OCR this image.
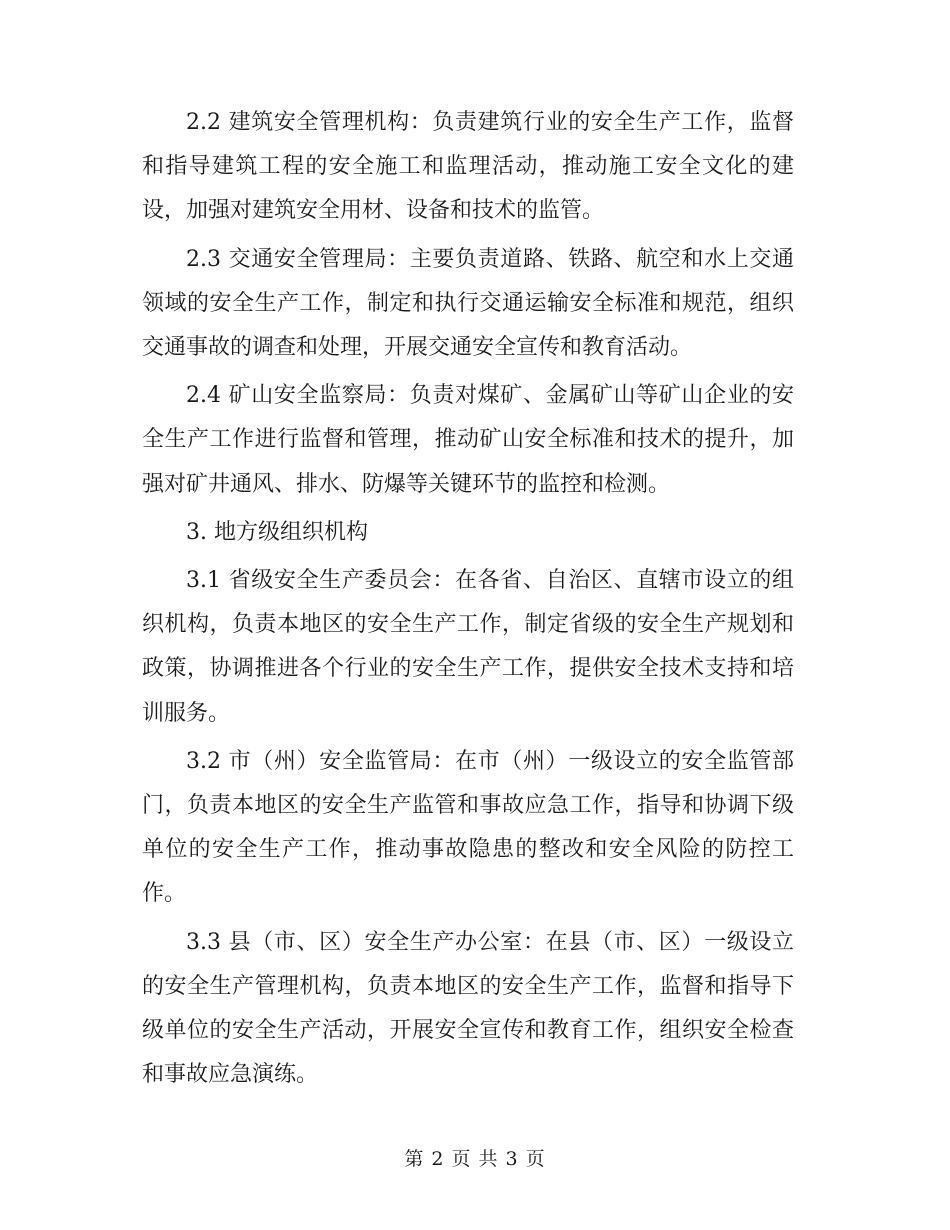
2.2 建筑安全管理机构：负责建筑行业的安全生产工作，监督和指导建筑工程的安全施工和监理活动，推动施工安全文化的建设，加强对建筑安全用材、设备和技术的监管。

2.3 交通安全管理局：主要负责道路、铁路、航空和水上交通领域的安全生产工作，制定和执行交通运输安全标准和规范，组织交通事故的调查和处理，开展交通安全宣传和教育活动。

2.4 矿山安全监察局：负责对煤矿、金属矿山等矿山企业的安全生产工作进行监督和管理，推动矿山安全标准和技术的提升，加强对矿井通风、排水、防爆等关键环节的监控和检测。

3. 地方级组织机构

3.1 省级安全生产委员会：在各省、自治区、直辖市设立的组织机构，负责本地区的安全生产工作，制定省级的安全生产规划和政策，协调推进各个行业的安全生产工作，提供安全技术支持和培训服务。

3.2 市（州）安全监管局：在市（州）一级设立的安全监管部门，负责本地区的安全生产监管和事故应急工作，指导和协调下级单位的安全生产工作，推动事故隐患的整改和安全风险的防控工作。

3.3 县（市、区）安全生产办公室：在县（市、区）一级设立的安全生产管理机构，负责本地区的安全生产工作，监督和指导下级单位的安全生产活动，开展安全宣传和教育工作，组织安全检查和事故应急演练。

第 2 页 共 3 页
